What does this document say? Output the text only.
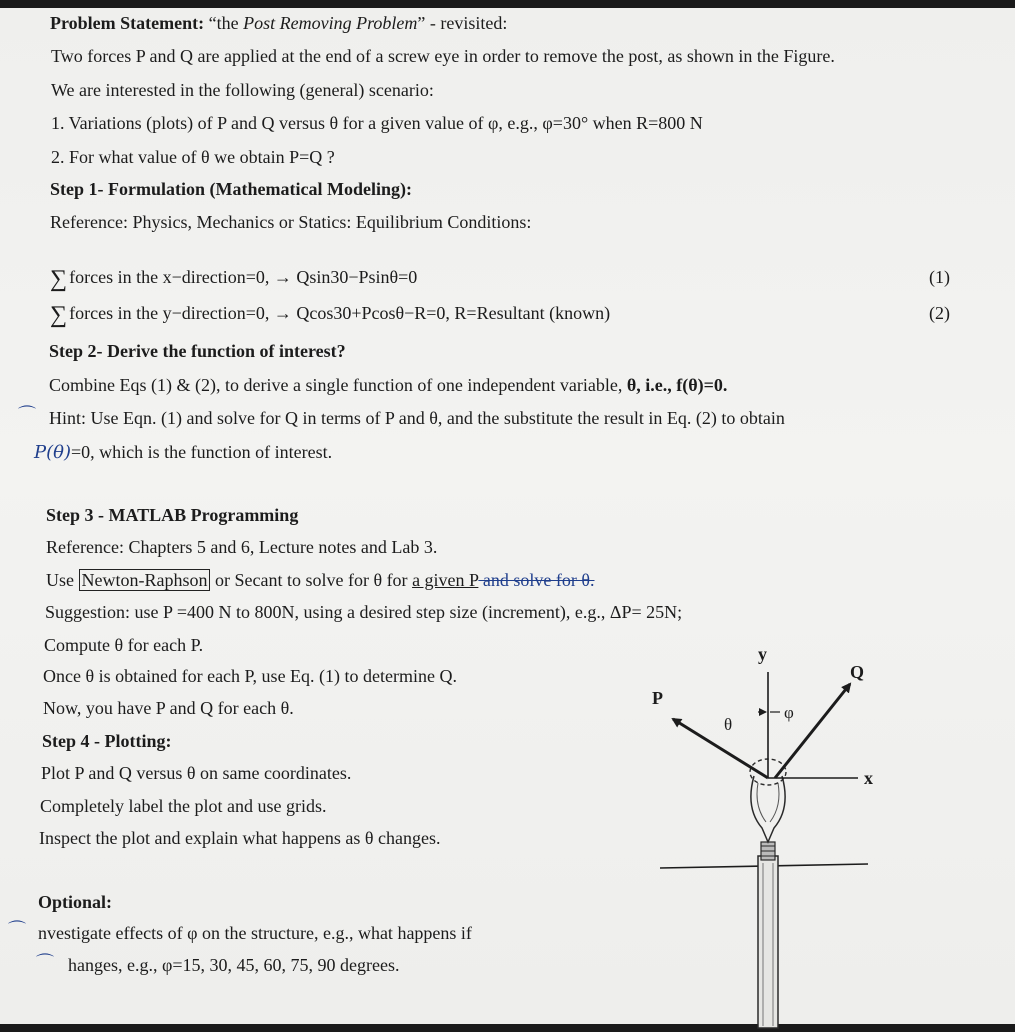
Problem Statement: “the Post Removing Problem” - revisited:
Two forces P and Q are applied at the end of a screw eye in order to remove the post, as shown in the Figure.
We are interested in the following (general) scenario:
1. Variations (plots) of P and Q versus θ for a given value of φ, e.g., φ=30° when R=800 N
2. For what value of θ we obtain P=Q ?
Step 1- Formulation (Mathematical Modeling):
Reference: Physics, Mechanics or Statics: Equilibrium Conditions:
∑ forces in the x−direction=0, → Qsin30−Psinθ=0	(1)
∑ forces in the y−direction=0, → Qcos30+Pcosθ−R=0, R=Resultant (known)	(2)
Step 2- Derive the function of interest?
Combine Eqs (1) & (2), to derive a single function of one independent variable, θ, i.e., f(θ)=0.
⌒ Hint: Use Eqn. (1) and solve for Q in terms of P and θ, and the substitute the result in Eq. (2) to obtain
P(θ)=0, which is the function of interest.
Step 3 - MATLAB Programming
Reference: Chapters 5 and 6, Lecture notes and Lab 3.
Use Newton-Raphson or Secant to solve for θ for a given P and solve for θ.
Suggestion: use P =400 N to 800N, using a desired step size (increment), e.g., ΔP= 25N;
Compute θ for each P.
Once θ is obtained for each P, use Eq. (1) to determine Q.
Now, you have P and Q for each θ.
Step 4 - Plotting:
Plot P and Q versus θ on same coordinates.
Completely label the plot and use grids.
Inspect the plot and explain what happens as θ changes.
Optional:
⌒ nvestigate effects of φ on the structure, e.g., what happens if
⌒ hanges, e.g., φ=15, 30, 45, 60, 75, 90 degrees.
y
x
P
Q
θ
φ
